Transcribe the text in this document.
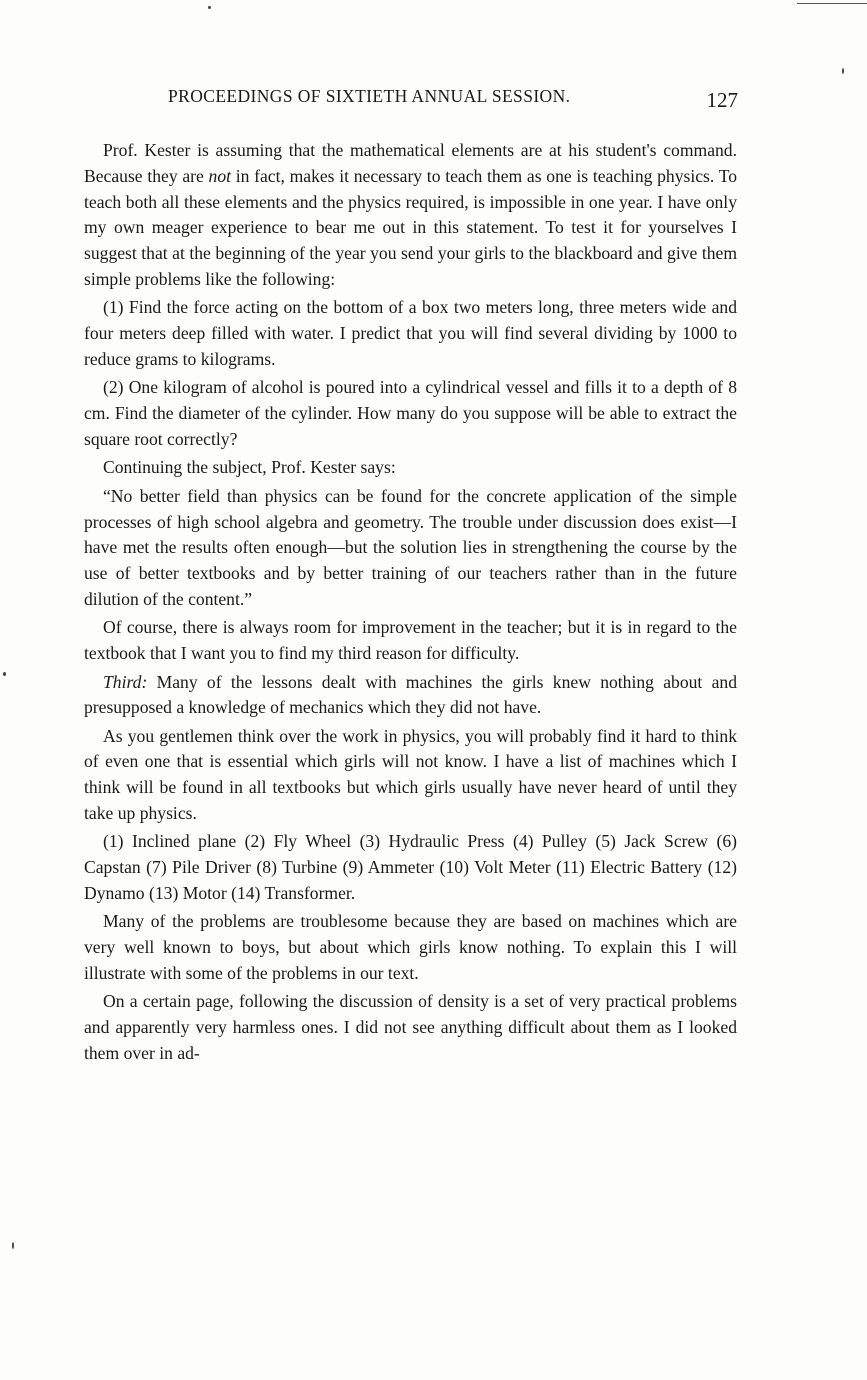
PROCEEDINGS OF SIXTIETH ANNUAL SESSION.	127

Prof. Kester is assuming that the mathematical elements are at his student's command. Because they are not in fact, makes it necessary to teach them as one is teaching physics. To teach both all these elements and the physics required, is impossible in one year. I have only my own meager experience to bear me out in this statement. To test it for yourselves I suggest that at the beginning of the year you send your girls to the blackboard and give them simple problems like the following:

(1) Find the force acting on the bottom of a box two meters long, three meters wide and four meters deep filled with water. I predict that you will find several dividing by 1000 to reduce grams to kilograms.

(2) One kilogram of alcohol is poured into a cylindrical vessel and fills it to a depth of 8 cm. Find the diameter of the cylinder. How many do you suppose will be able to extract the square root correctly?

Continuing the subject, Prof. Kester says:

“No better field than physics can be found for the concrete application of the simple processes of high school algebra and geometry. The trouble under discussion does exist—I have met the results often enough—but the solution lies in strengthening the course by the use of better textbooks and by better training of our teachers rather than in the future dilution of the content.”

Of course, there is always room for improvement in the teacher; but it is in regard to the textbook that I want you to find my third reason for difficulty.

Third: Many of the lessons dealt with machines the girls knew nothing about and presupposed a knowledge of mechanics which they did not have.

As you gentlemen think over the work in physics, you will probably find it hard to think of even one that is essential which girls will not know. I have a list of machines which I think will be found in all textbooks but which girls usually have never heard of until they take up physics.

(1) Inclined plane (2) Fly Wheel (3) Hydraulic Press (4) Pulley (5) Jack Screw (6) Capstan (7) Pile Driver (8) Turbine (9) Ammeter (10) Volt Meter (11) Electric Battery (12) Dynamo (13) Motor (14) Transformer.

Many of the problems are troublesome because they are based on machines which are very well known to boys, but about which girls know nothing. To explain this I will illustrate with some of the problems in our text.

On a certain page, following the discussion of density is a set of very practical problems and apparently very harmless ones. I did not see anything difficult about them as I looked them over in ad-
